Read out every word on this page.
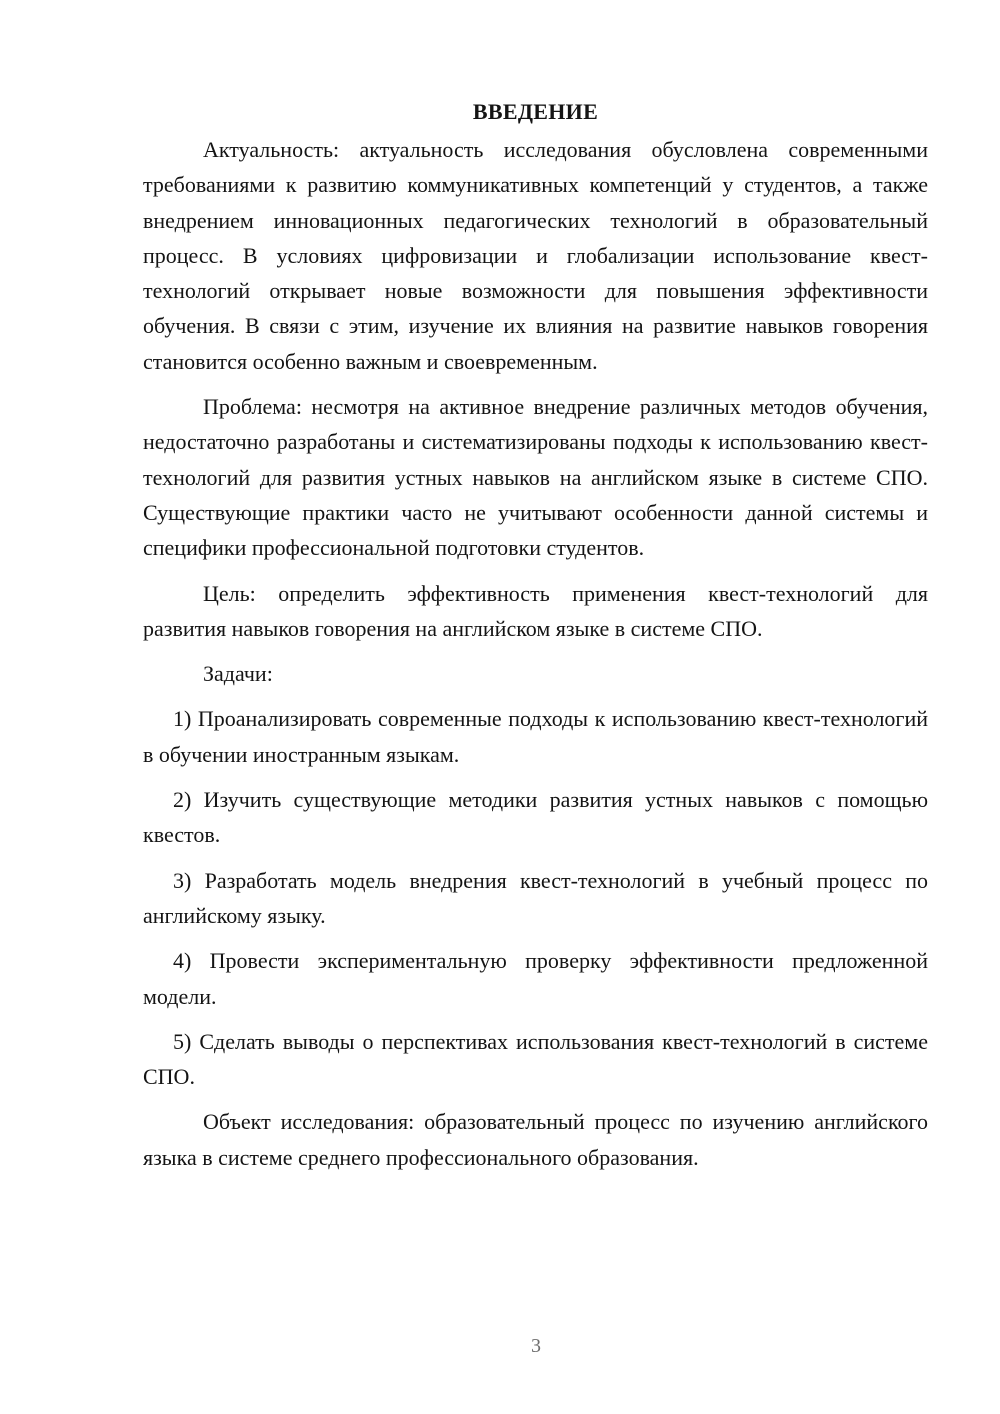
ВВЕДЕНИЕ

Актуальность: актуальность исследования обусловлена современными требованиями к развитию коммуникативных компетенций у студентов, а также внедрением инновационных педагогических технологий в образовательный процесс. В условиях цифровизации и глобализации использование квест-технологий открывает новые возможности для повышения эффективности обучения. В связи с этим, изучение их влияния на развитие навыков говорения становится особенно важным и своевременным.

Проблема: несмотря на активное внедрение различных методов обучения, недостаточно разработаны и систематизированы подходы к использованию квест-технологий для развития устных навыков на английском языке в системе СПО. Существующие практики часто не учитывают особенности данной системы и специфики профессиональной подготовки студентов.

Цель: определить эффективность применения квест-технологий для развития навыков говорения на английском языке в системе СПО.

Задачи:

1) Проанализировать современные подходы к использованию квест-технологий в обучении иностранным языкам.

2) Изучить существующие методики развития устных навыков с помощью квестов.

3) Разработать модель внедрения квест-технологий в учебный процесс по английскому языку.

4) Провести экспериментальную проверку эффективности предложенной модели.

5) Сделать выводы о перспективах использования квест-технологий в системе СПО.

Объект исследования: образовательный процесс по изучению английского языка в системе среднего профессионального образования.

3
